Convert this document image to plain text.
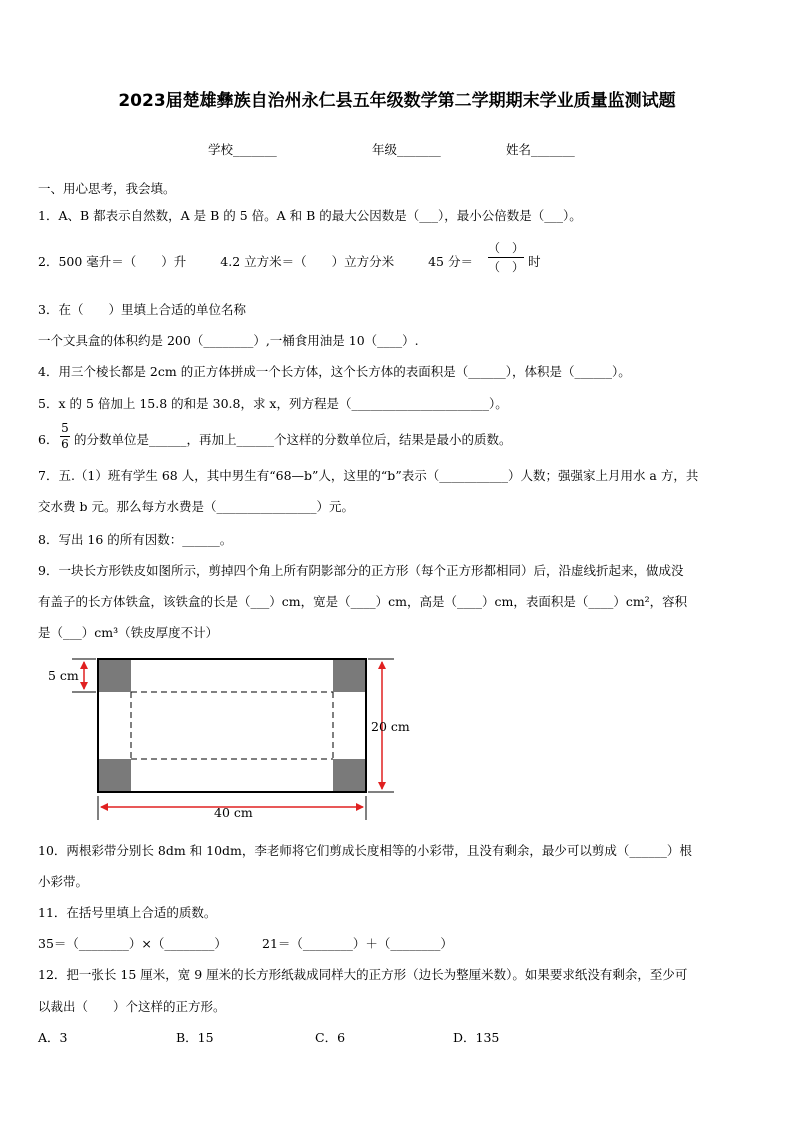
2023届楚雄彝族自治州永仁县五年级数学第二学期期末学业质量监测试题
学校_______	年级_______	姓名_______
一、用心思考，我会填。
1．A、B 都表示自然数，A 是 B 的 5 倍。A 和 B 的最大公因数是（___），最小公倍数是（___）。
2．500 毫升＝（　　）升	4.2 立方米＝（　　）立方分米	45 分＝
（　）
（　） 时
3．在（　　）里填上合适的单位名称
一个文具盒的体积约是 200（________）,一桶食用油是 10（____）.
4．用三个棱长都是 2cm 的正方体拼成一个长方体，这个长方体的表面积是（______），体积是（______）。
5．x 的 5 倍加上 15.8 的和是 30.8，求 x，列方程是（______________________）。
6．
5
6 的分数单位是______，再加上______个这样的分数单位后，结果是最小的质数。
7．五.（1）班有学生 68 人，其中男生有“68—b”人，这里的“b”表示（___________）人数；强强家上月用水 a 方，共
交水费 b 元。那么每方水费是（________________）元。
8．写出 16 的所有因数：______。
9．一块长方形铁皮如图所示，剪掉四个角上所有阴影部分的正方形（每个正方形都相同）后，沿虚线折起来，做成没
有盖子的长方体铁盒，该铁盒的长是（___）cm，宽是（____）cm，高是（____）cm，表面积是（____）cm²，容积
是（___）cm³（铁皮厚度不计）
5 cm
20 cm
40 cm
10．两根彩带分别长 8dm 和 10dm，李老师将它们剪成长度相等的小彩带，且没有剩余，最少可以剪成（______）根
小彩带。
11．在括号里填上合适的质数。
35＝（________）×（________）	21＝（________）＋（________）
12．把一张长 15 厘米，宽 9 厘米的长方形纸裁成同样大的正方形（边长为整厘米数）。如果要求纸没有剩余，至少可
以裁出（　　）个这样的正方形。
A．3	B．15	C．6	D．135
